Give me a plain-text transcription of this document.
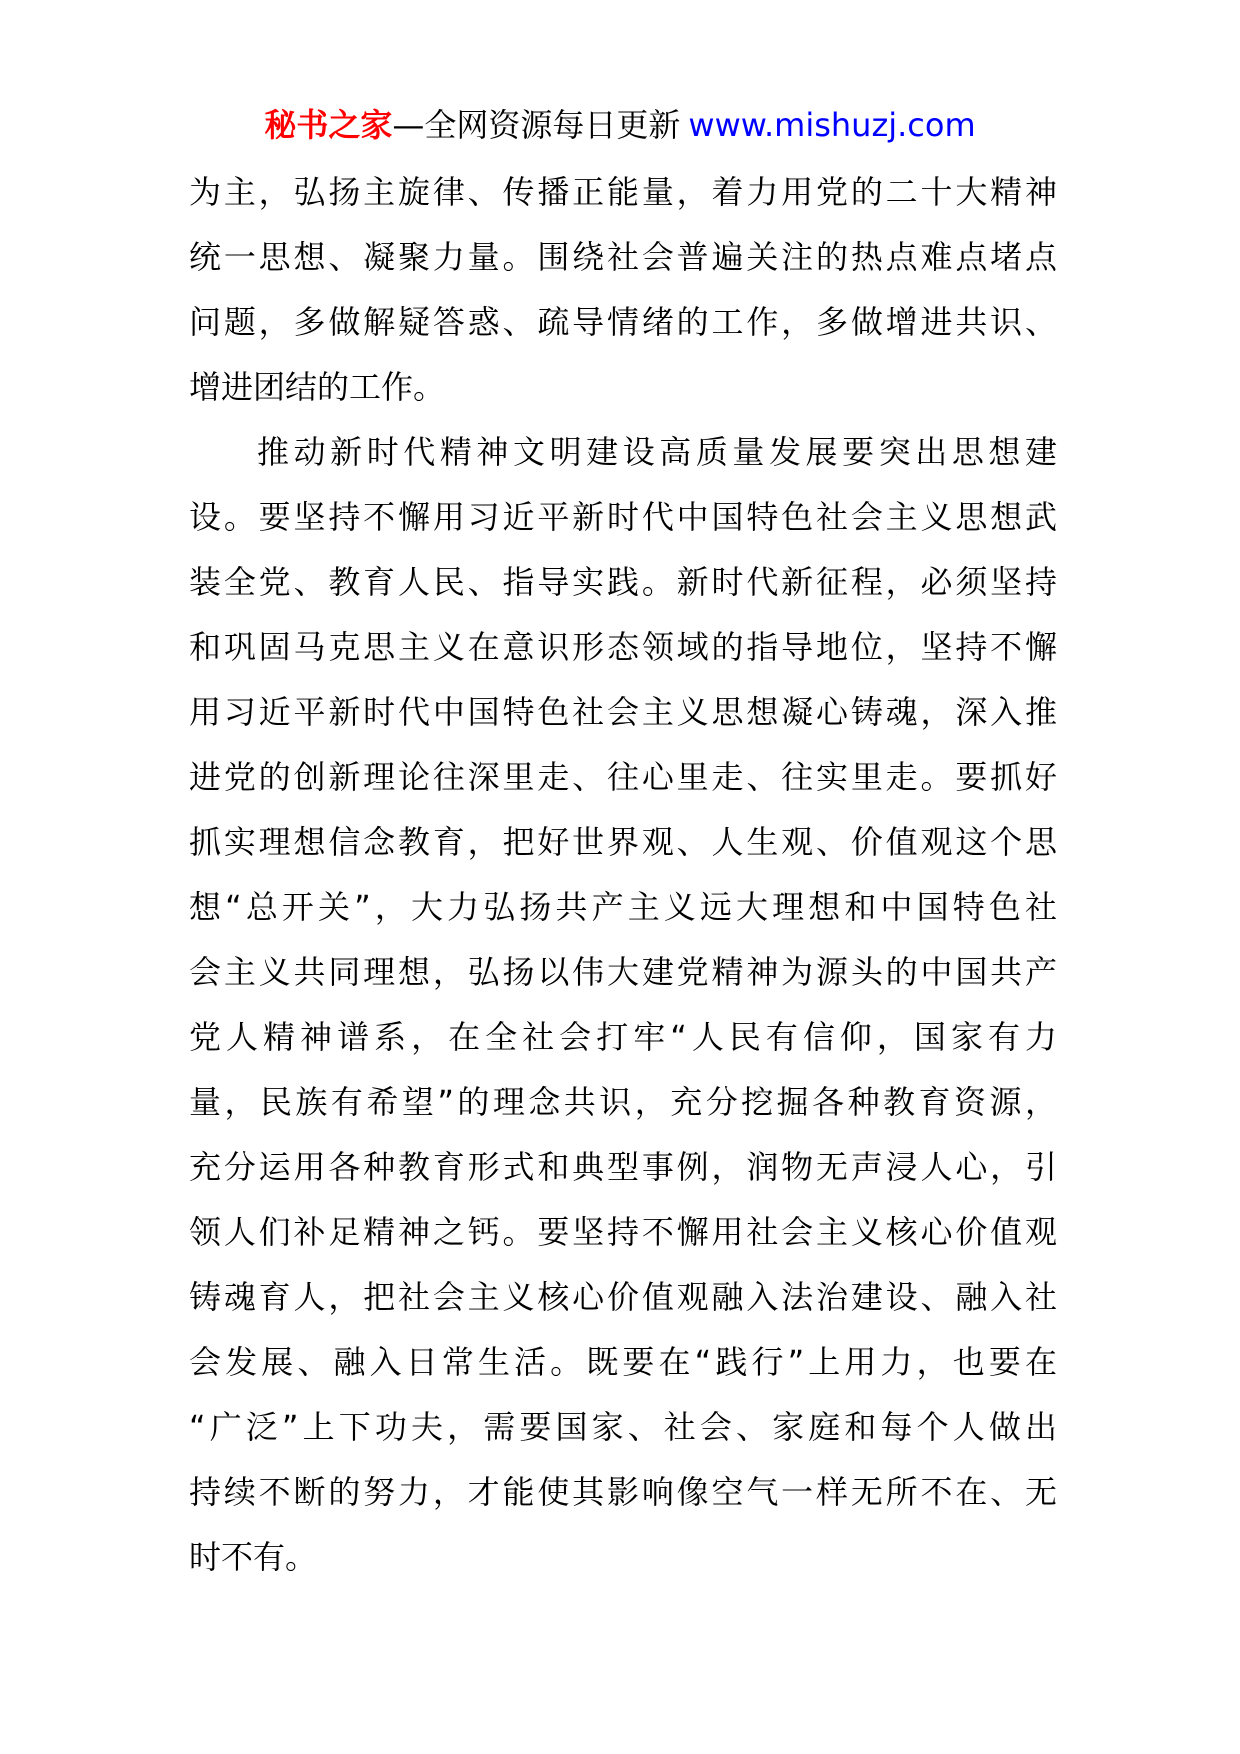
秘书之家—全网资源每日更新 www.mishuzj.com
为主，弘扬主旋律、传播正能量，着力用党的二十大精神
统一思想、凝聚力量。围绕社会普遍关注的热点难点堵点
问题，多做解疑答惑、疏导情绪的工作，多做增进共识、
增进团结的工作。
推动新时代精神文明建设高质量发展要突出思想建
设。要坚持不懈用习近平新时代中国特色社会主义思想武
装全党、教育人民、指导实践。新时代新征程，必须坚持
和巩固马克思主义在意识形态领域的指导地位，坚持不懈
用习近平新时代中国特色社会主义思想凝心铸魂，深入推
进党的创新理论往深里走、往心里走、往实里走。要抓好
抓实理想信念教育，把好世界观、人生观、价值观这个思
想“总开关”，大力弘扬共产主义远大理想和中国特色社
会主义共同理想，弘扬以伟大建党精神为源头的中国共产
党人精神谱系，在全社会打牢“人民有信仰，国家有力
量，民族有希望”的理念共识，充分挖掘各种教育资源，
充分运用各种教育形式和典型事例，润物无声浸人心，引
领人们补足精神之钙。要坚持不懈用社会主义核心价值观
铸魂育人，把社会主义核心价值观融入法治建设、融入社
会发展、融入日常生活。既要在“践行”上用力，也要在
“广泛”上下功夫，需要国家、社会、家庭和每个人做出
持续不断的努力，才能使其影响像空气一样无所不在、无
时不有。
